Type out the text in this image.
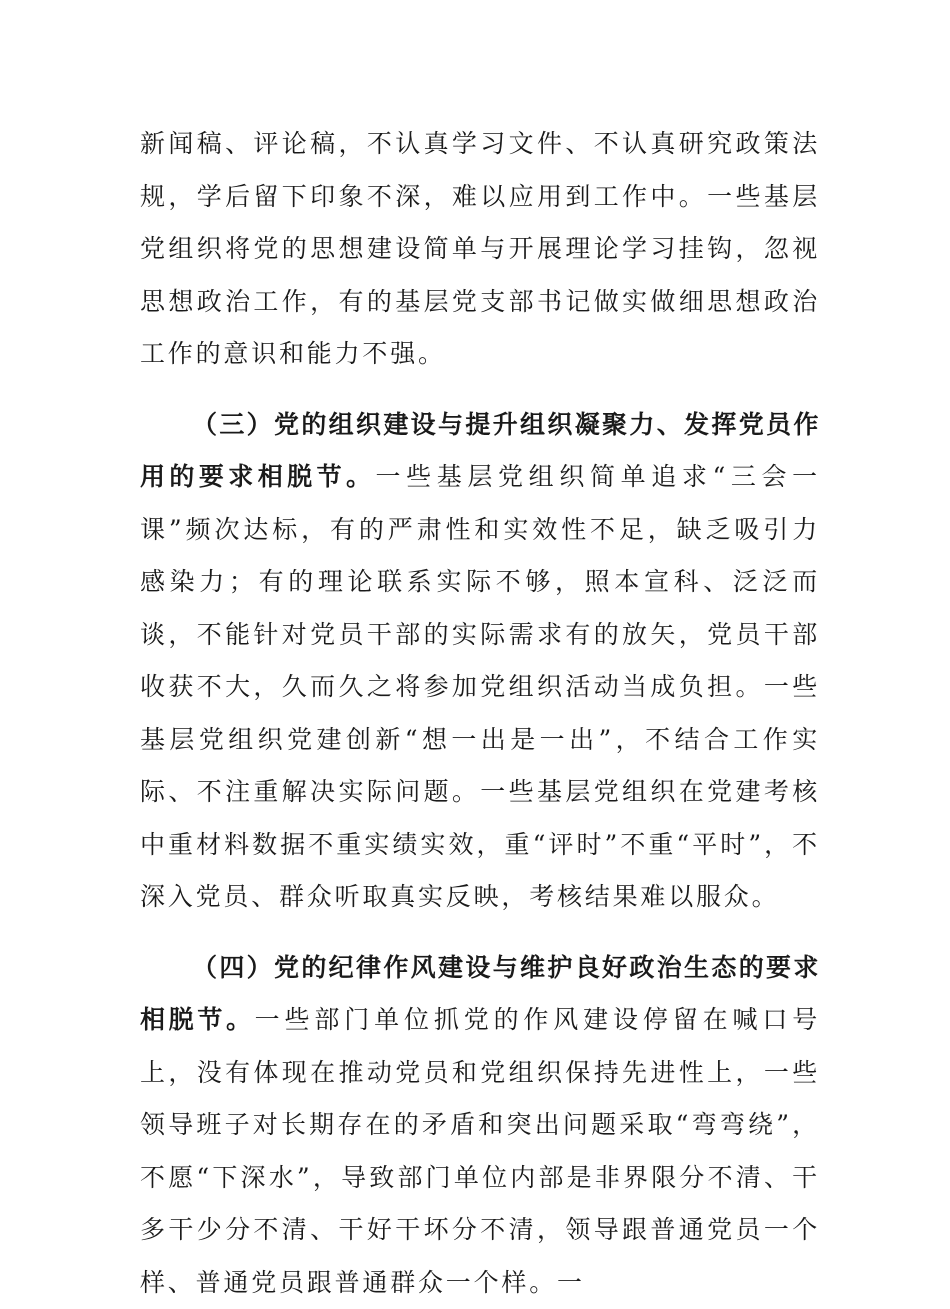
新闻稿、评论稿，不认真学习文件、不认真研究政策法规，学后留下印象不深，难以应用到工作中。一些基层党组织将党的思想建设简单与开展理论学习挂钩，忽视思想政治工作，有的基层党支部书记做实做细思想政治工作的意识和能力不强。

（三）党的组织建设与提升组织凝聚力、发挥党员作用的要求相脱节。一些基层党组织简单追求“三会一课”频次达标，有的严肃性和实效性不足，缺乏吸引力感染力；有的理论联系实际不够，照本宣科、泛泛而谈，不能针对党员干部的实际需求有的放矢，党员干部收获不大，久而久之将参加党组织活动当成负担。一些基层党组织党建创新“想一出是一出”，不结合工作实际、不注重解决实际问题。一些基层党组织在党建考核中重材料数据不重实绩实效，重“评时”不重“平时”，不深入党员、群众听取真实反映，考核结果难以服众。

（四）党的纪律作风建设与维护良好政治生态的要求相脱节。一些部门单位抓党的作风建设停留在喊口号上，没有体现在推动党员和党组织保持先进性上，一些领导班子对长期存在的矛盾和突出问题采取“弯弯绕”，不愿“下深水”，导致部门单位内部是非界限分不清、干多干少分不清、干好干坏分不清，领导跟普通党员一个样、普通党员跟普通群众一个样。一
